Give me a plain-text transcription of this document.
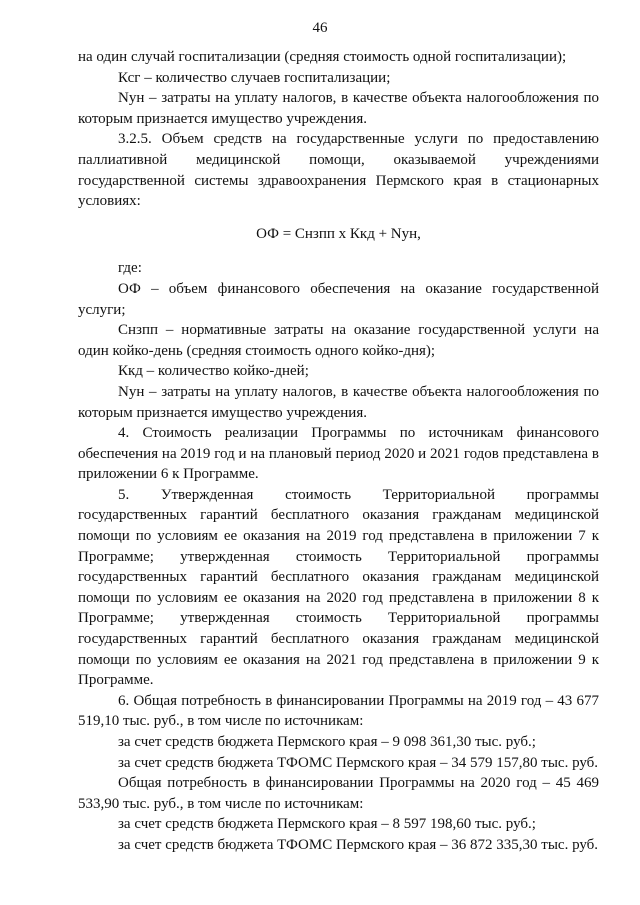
46

на один случай госпитализации (средняя стоимость одной госпитализации);

Ксг – количество случаев госпитализации;

Nун – затраты на уплату налогов, в качестве объекта налогообложения по которым признается имущество учреждения.

3.2.5. Объем средств на государственные услуги по предоставлению паллиативной медицинской помощи, оказываемой учреждениями государственной системы здравоохранения Пермского края в стационарных условиях:

ОФ = Снзпп х Ккд + Nун,

где:

ОФ – объем финансового обеспечения на оказание государственной услуги;

Снзпп – нормативные затраты на оказание государственной услуги на один койко-день (средняя стоимость одного койко-дня);

Ккд – количество койко-дней;

Nун – затраты на уплату налогов, в качестве объекта налогообложения по которым признается имущество учреждения.

4. Стоимость реализации Программы по источникам финансового обеспечения на 2019 год и на плановый период 2020 и 2021 годов представлена в приложении 6 к Программе.

5. Утвержденная стоимость Территориальной программы государственных гарантий бесплатного оказания гражданам медицинской помощи по условиям ее оказания на 2019 год представлена в приложении 7 к Программе; утвержденная стоимость Территориальной программы государственных гарантий бесплатного оказания гражданам медицинской помощи по условиям ее оказания на 2020 год представлена в приложении 8 к Программе; утвержденная стоимость Территориальной программы государственных гарантий бесплатного оказания гражданам медицинской помощи по условиям ее оказания на 2021 год представлена в приложении 9 к Программе.

6. Общая потребность в финансировании Программы на 2019 год – 43 677 519,10 тыс. руб., в том числе по источникам:

за счет средств бюджета Пермского края – 9 098 361,30 тыс. руб.;

за счет средств бюджета ТФОМС Пермского края – 34 579 157,80 тыс. руб.

Общая потребность в финансировании Программы на 2020 год – 45 469 533,90 тыс. руб., в том числе по источникам:

за счет средств бюджета Пермского края – 8 597 198,60 тыс. руб.;

за счет средств бюджета ТФОМС Пермского края – 36 872 335,30 тыс. руб.
